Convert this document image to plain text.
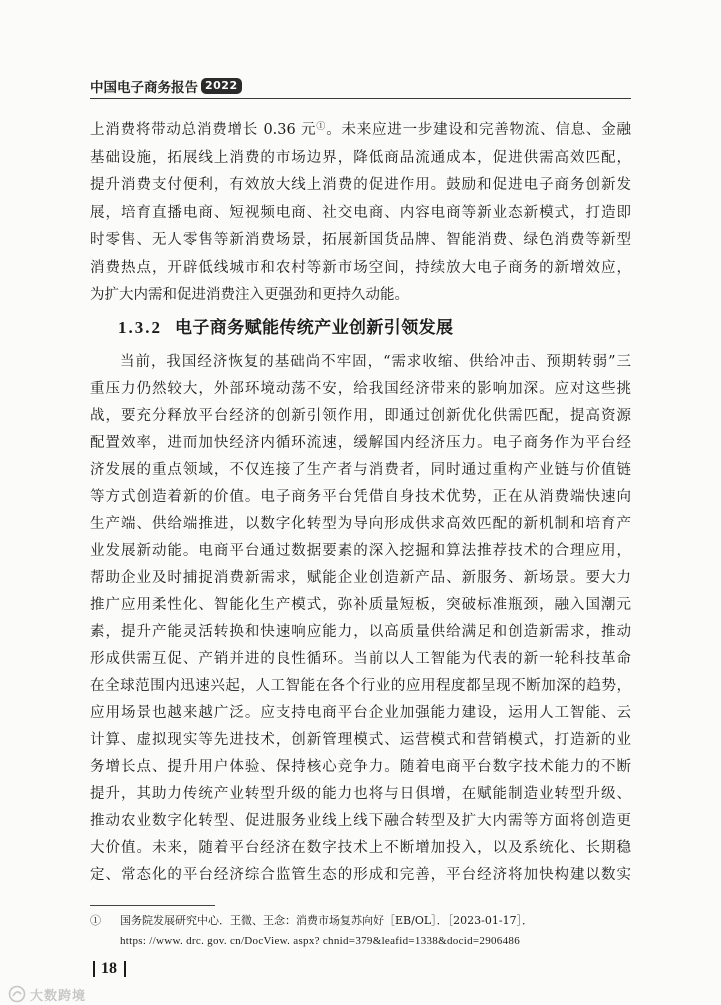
中国电子商务报告 2022
上消费将带动总消费增长 0.36 元①。未来应进一步建设和完善物流、信息、金融
基础设施，拓展线上消费的市场边界，降低商品流通成本，促进供需高效匹配，
提升消费支付便利，有效放大线上消费的促进作用。鼓励和促进电子商务创新发
展，培育直播电商、短视频电商、社交电商、内容电商等新业态新模式，打造即
时零售、无人零售等新消费场景，拓展新国货品牌、智能消费、绿色消费等新型
消费热点，开辟低线城市和农村等新市场空间，持续放大电子商务的新增效应，
为扩大内需和促进消费注入更强劲和更持久动能。
1.3.2 电子商务赋能传统产业创新引领发展
当前，我国经济恢复的基础尚不牢固，“需求收缩、供给冲击、预期转弱”三
重压力仍然较大，外部环境动荡不安，给我国经济带来的影响加深。应对这些挑
战，要充分释放平台经济的创新引领作用，即通过创新优化供需匹配，提高资源
配置效率，进而加快经济内循环流速，缓解国内经济压力。电子商务作为平台经
济发展的重点领域，不仅连接了生产者与消费者，同时通过重构产业链与价值链
等方式创造着新的价值。电子商务平台凭借自身技术优势，正在从消费端快速向
生产端、供给端推进，以数字化转型为导向形成供求高效匹配的新机制和培育产
业发展新动能。电商平台通过数据要素的深入挖掘和算法推荐技术的合理应用，
帮助企业及时捕捉消费新需求，赋能企业创造新产品、新服务、新场景。要大力
推广应用柔性化、智能化生产模式，弥补质量短板，突破标准瓶颈，融入国潮元
素，提升产能灵活转换和快速响应能力，以高质量供给满足和创造新需求，推动
形成供需互促、产销并进的良性循环。当前以人工智能为代表的新一轮科技革命
在全球范围内迅速兴起，人工智能在各个行业的应用程度都呈现不断加深的趋势，
应用场景也越来越广泛。应支持电商平台企业加强能力建设，运用人工智能、云
计算、虚拟现实等先进技术，创新管理模式、运营模式和营销模式，打造新的业
务增长点、提升用户体验、保持核心竞争力。随着电商平台数字技术能力的不断
提升，其助力传统产业转型升级的能力也将与日俱增，在赋能制造业转型升级、
推动农业数字化转型、促进服务业线上线下融合转型及扩大内需等方面将创造更
大价值。未来，随着平台经济在数字技术上不断增加投入，以及系统化、长期稳
定、常态化的平台经济综合监管生态的形成和完善，平台经济将加快构建以数实
① 国务院发展研究中心．王微、王念：消费市场复苏向好［EB/OL］．［2023-01-17］．
https: //www. drc. gov. cn/DocView. aspx? chnid=379&leafid=1338&docid=2906486
18
大数跨境
